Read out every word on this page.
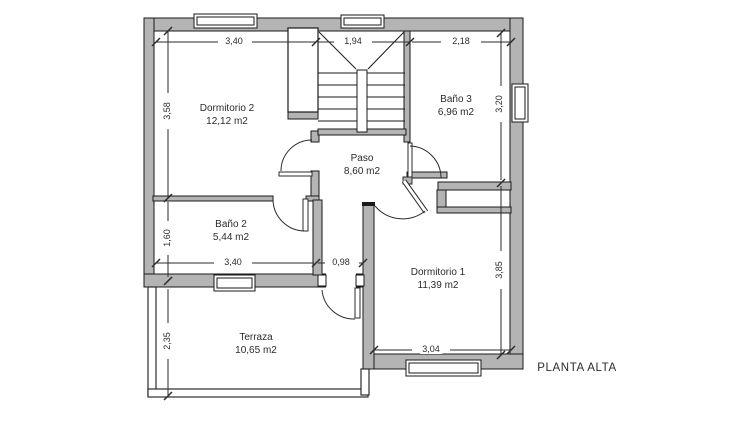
Dormitorio 2
12,12 m2
Baño 3
6,96 m2
Paso
8,60 m2
Baño 2
5,44 m2
Dormitorio 1
11,39 m2
Terraza
10,65 m2
3,40	1,94	2,18
3,58
1,60
2,35
3,20
3,85
3,40	0,98
3,04
PLANTA ALTA
